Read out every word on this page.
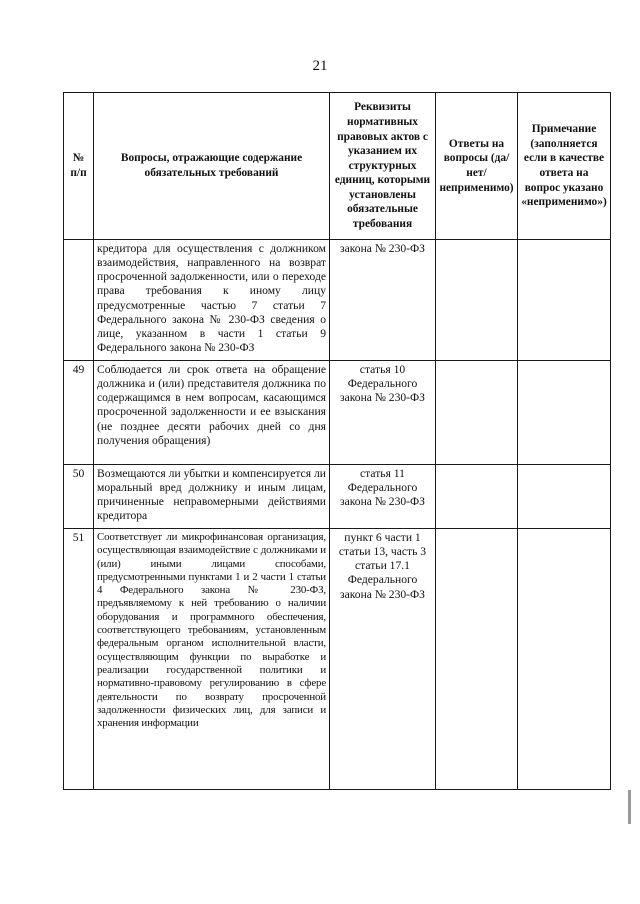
21
№ п/п	Вопросы, отражающие содержание обязательных требований	Реквизиты нормативных правовых актов с указанием их структурных единиц, которыми установлены обязательные требования	Ответы на вопросы (да/нет/ неприменимо)	Примечание (заполняется если в качестве ответа на вопрос указано «неприменимо»)
	кредитора для осуществления с должником взаимодействия, направленного на возврат просроченной задолженности, или о переходе права требования к иному лицу предусмотренные частью 7 статьи 7 Федерального закона № 230-ФЗ сведения о лице, указанном в части 1 статьи 9 Федерального закона № 230-ФЗ	закона № 230-ФЗ		
49	Соблюдается ли срок ответа на обращение должника и (или) представителя должника по содержащимся в нем вопросам, касающимся просроченной задолженности и ее взыскания (не позднее десяти рабочих дней со дня получения обращения)	статья 10 Федерального закона № 230-ФЗ		
50	Возмещаются ли убытки и компенсируется ли моральный вред должнику и иным лицам, причиненные неправомерными действиями кредитора	статья 11 Федерального закона № 230-ФЗ		
51	Соответствует ли микрофинансовая организация, осуществляющая взаимодействие с должниками и (или) иными лицами способами, предусмотренными пунктами 1 и 2 части 1 статьи 4 Федерального закона № 230-ФЗ, предъявляемому к ней требованию о наличии оборудования и программного обеспечения, соответствующего требованиям, установленным федеральным органом исполнительной власти, осуществляющим функции по выработке и реализации государственной политики и нормативно-правовому регулированию в сфере деятельности по возврату просроченной задолженности физических лиц, для записи и хранения информации	пункт 6 части 1 статьи 13, часть 3 статьи 17.1 Федерального закона № 230-ФЗ		
